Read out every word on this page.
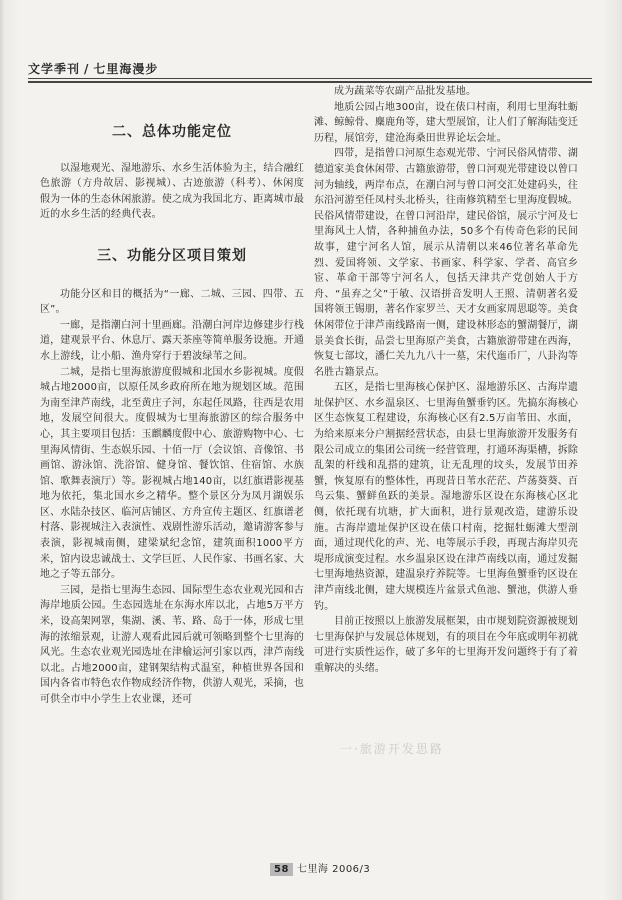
文学季刊 / 七里海漫步

二、总体功能定位

以湿地观光、湿地游乐、水乡生活体验为主，结合融红色旅游（方舟故居、影视城）、古迹旅游（科考）、休闲度假为一体的生态休闲旅游。使之成为我国北方、距离城市最近的水乡生活的经典代表。

三、功能分区项目策划

功能分区和目的概括为“一廊、二城、三园、四带、五区”。

一廊，是指潮白河十里画廊。沿潮白河岸边修建步行栈道，建观景平台、休息厅、露天茶座等简单服务设施。开通水上游线，让小船、渔舟穿行于碧波绿苇之间。

二城，是指七里海旅游度假城和北国水乡影视城。度假城占地2000亩，以原任凤乡政府所在地为规划区域。范围为南至津芦南线，北至黄庄子河，东起任凤路，往西是农用地，发展空间很大。度假城为七里海旅游区的综合服务中心，其主要项目包括：玉麒麟度假中心、旅游购物中心、七里海风情街、生态娱乐园、十佰一厅（会议馆、音像馆、书画馆、游泳馆、洗浴馆、健身馆、餐饮馆、住宿馆、水族馆、歌舞表演厅）等。影视城占地140亩，以红旗谱影视基地为依托，集北国水乡之精华。整个景区分为凤月湖娱乐区、水陆杂技区、临河店铺区、方舟宣传主题区、红旗谱老村落、影视城注入表演性、戏剧性游乐活动，邀请游客参与表演，影视城南侧，建梁斌纪念馆，建筑面积1000平方米，馆内设忠诚战士、文学巨匠、人民作家、书画名家、大地之子等五部分。

三园，是指七里海生态园、国际型生态农业观光园和古海岸地质公园。生态园选址在东海水库以北，占地5万平方米，设高架网罩，集湖、溪、苇、路、岛于一体，形成七里海的浓缩景观，让游人观看此园后就可领略到整个七里海的风光。生态农业观光园选址在津榆运河引家以西，津芦南线以北。占地2000亩，建钢架结构式温室，种植世界各国和国内各省市特色农作物成经济作物，供游人观光，采摘，也可供全市中小学生上农业课，还可

成为蔬菜等农副产品批发基地。

地质公园占地300亩，设在俵口村南，利用七里海牡蛎滩、鲸鲸骨、麋鹿角等，建大型展馆，让人们了解海陆变迁历程，展馆旁，建沧海桑田世界论坛会址。

四带，是指曾口河原生态观光带、宁河民俗风情带、湖德道家美食休闲带、古籍旅游带，曾口河观光带建设以曾口河为轴线，两岸布点，在潮白河与曾口河交汇处建码头，往东沿河游至任凤村头北桥头，往南修筑精至七里海度假城。民俗风情带建设，在曾口河沿岸，建民俗馆，展示宁河及七里海风土人情，各种捕鱼办法，50多个有传奇色彩的民间故事，建宁河名人馆，展示从清朝以来46位著名革命先烈、爱国将领、文学家、书画家、科学家、学者、高官乡宦、革命干部等宁河名人，包括天津共产党创始人于方舟、“虽弃之父”于敏、汉语拼音发明人王照、清朝著名爱国将领王锡朋，著名作家罗兰、天才女画家周思聪等。美食休闲带位于津芦南线路南一侧，建设林形态的蟹湖餐厅，湖景美食长街，品尝七里海原产美食，古籍旅游带建在西海，恢复七部坟，潘仁关九九八十一墓，宋代迤币厂，八卦沟等名胜古籍景点。

五区，是指七里海核心保护区、湿地游乐区、古海岸遗址保护区、水乡温泉区、七里海鱼蟹垂钓区。先搞东海核心区生态恢复工程建设，东海核心区有2.5万亩苇田、水面，为给来原来分户割据经营状态，由县七里海旅游开发服务有限公司成立的集团公司统一经营管理，打通环海渠槽，拆除乱架的杆线和乱搭的建筑，让无乱理的坟头，发展节田养蟹，恢复原有的整体性，再现昔日苇水茫茫、芦荡葵葵、百鸟云集、蟹鲜鱼跃的美景。湿地游乐区设在东海核心区北侧，依托现有坑塘，扩大面积，进行景观改造，建游乐设施。古海岸遗址保护区设在俵口村南，挖掘牡蛎滩大型剖面，通过现代化的声、光、电等展示手段，再现古海岸贝壳堤形成演变过程。水乡温泉区设在津芦南线以南，通过发掘七里海地热资源，建温泉疗养院等。七里海鱼蟹垂钓区设在津芦南线北侧，建大规模连片盆景式鱼池、蟹池，供游人垂钓。

目前正按照以上旅游发展框架，由市规划院资源被规划七里海保护与发展总体规划，有的项目在今年底或明年初就可进行实质性运作，破了多年的七里海开发问题终于有了着重解决的头绪。

一·旅游开发思路
58 七里海 2006/3
